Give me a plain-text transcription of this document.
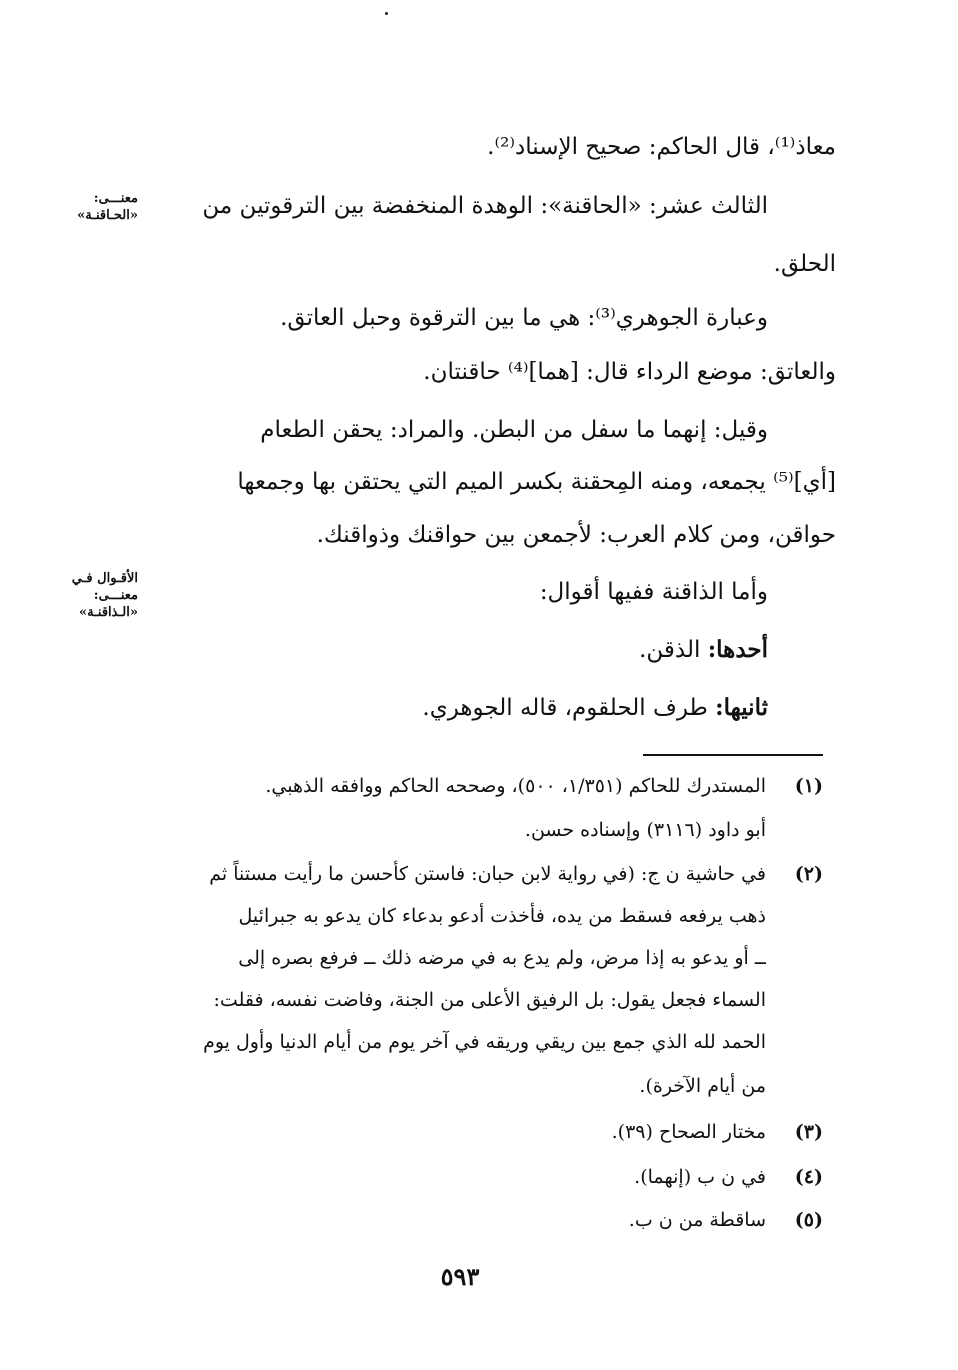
معنـــى:
«الحـاقنـة»
الأقـوال فـي
معنـــى:
«الـذاقنـة»
معاذ⁽¹⁾، قال الحاكم: صحيح الإسناد⁽²⁾.
الثالث عشر: «الحاقنة»: الوهدة المنخفضة بين الترقوتين من
الحلق.
وعبارة الجوهري⁽³⁾: هي ما بين الترقوة وحبل العاتق.
والعاتق: موضع الرداء قال: [هما]⁽⁴⁾ حاقنتان.
وقيل: إنهما ما سفل من البطن. والمراد: يحقن الطعام
[أي]⁽⁵⁾ يجمعه، ومنه المِحقنة بكسر الميم التي يحتقن بها وجمعها
حواقن، ومن كلام العرب: لأجمعن بين حواقنك وذواقنك.
وأما الذاقنة ففيها أقوال:
أحدها: الذقن.
ثانيها: طرف الحلقوم، قاله الجوهري.
(١)
(٢)
(٣)
(٤)
(٥)
المستدرك للحاكم (١/٣٥١، ٥٠٠)، وصححه الحاكم ووافقه الذهبي.
أبو داود (٣١١٦) وإسناده حسن.
في حاشية ن ج: (في رواية لابن حبان: فاستن كأحسن ما رأيت مستناً ثم
ذهب يرفعه فسقط من يده، فأخذت أدعو بدعاء كان يدعو به جبرائيل
ــ أو يدعو به إذا مرض، ولم يدع به في مرضه ذلك ــ فرفع بصره إلى
السماء فجعل يقول: بل الرفيق الأعلى من الجنة، وفاضت نفسه، فقلت:
الحمد لله الذي جمع بين ريقي وريقه في آخر يوم من أيام الدنيا وأول يوم
من أيام الآخرة).
مختار الصحاح (٣٩).
في ن ب (إنهما).
ساقطة من ن ب.
٥٩٣
